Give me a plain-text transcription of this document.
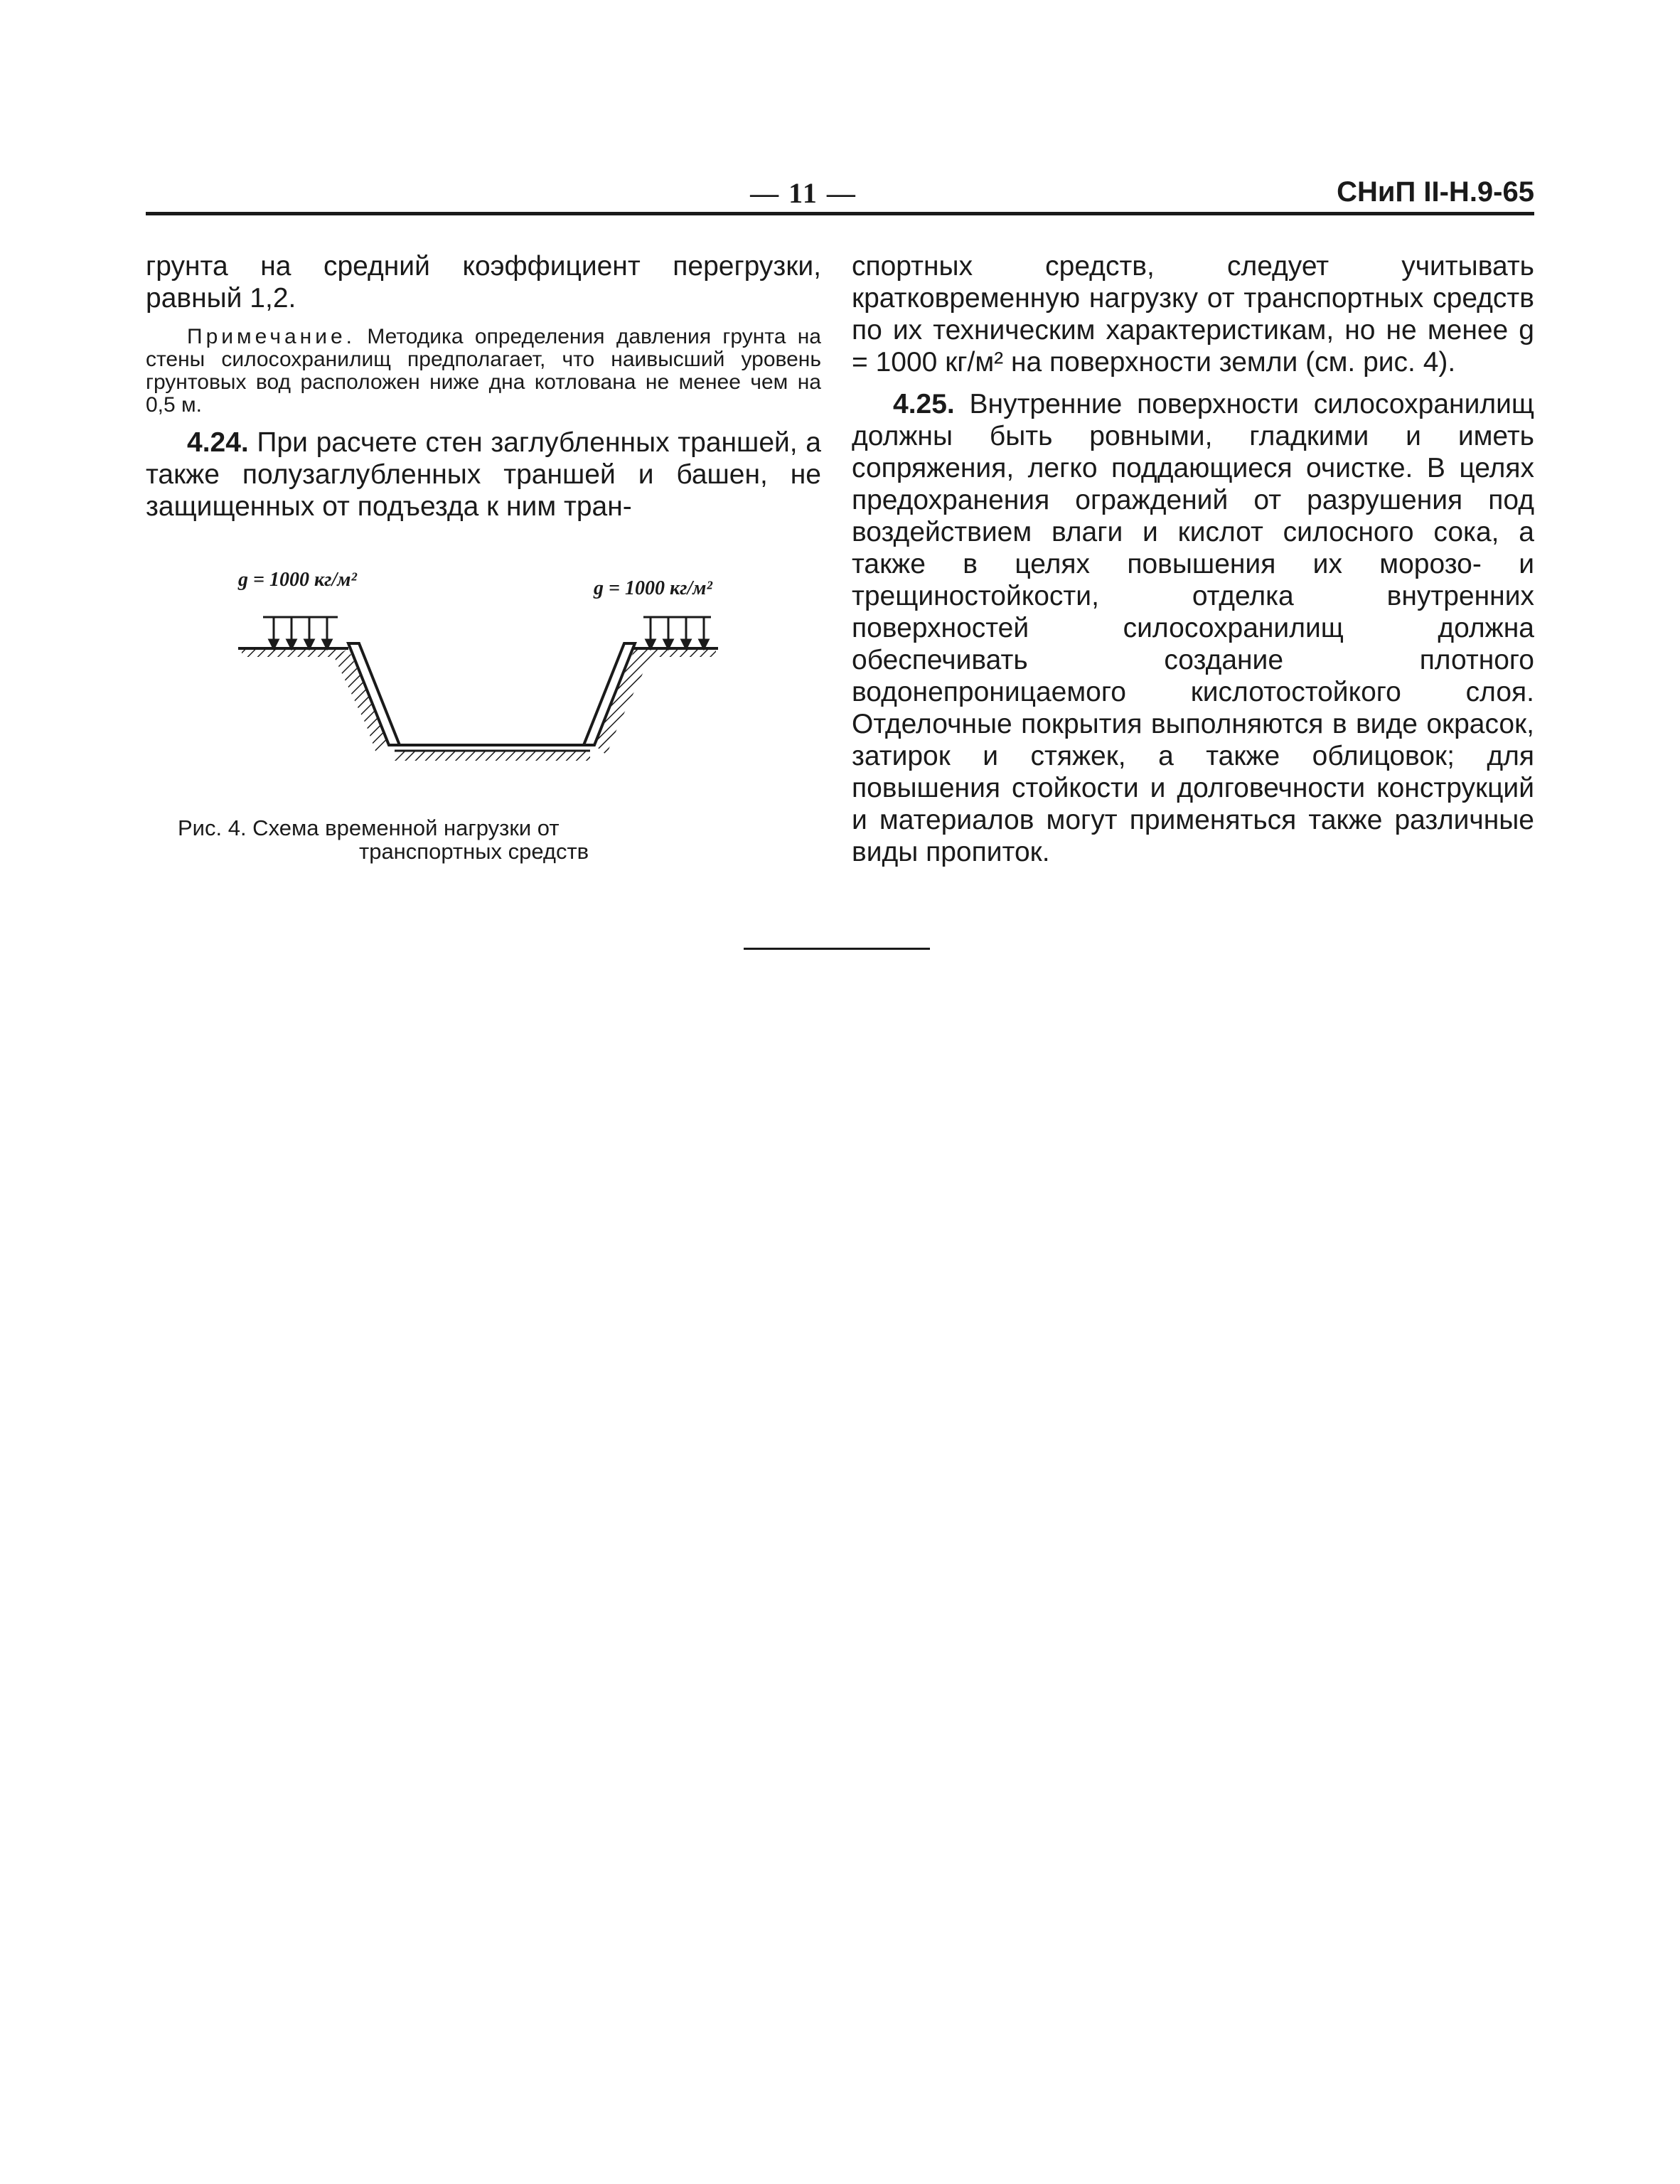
— 11 —	СНиП II-Н.9-65

грунта на средний коэффициент перегрузки, равный 1,2.

Примечание. Методика определения давления грунта на стены силосохранилищ предполагает, что наивысший уровень грунтовых вод расположен ниже дна котлована не менее чем на 0,5 м.

4.24. При расчете стен заглубленных траншей, а также полузаглубленных траншей и башен, не защищенных от подъезда к ним тран-

g = 1000 кг/м²	g = 1000 кг/м²
Рис. 4. Схема временной нагрузки от
транспортных средств

спортных средств, следует учитывать кратковременную нагрузку от транспортных средств по их техническим характеристикам, но не менее g = 1000 кг/м² на поверхности земли (см. рис. 4).

4.25. Внутренние поверхности силосохранилищ должны быть ровными, гладкими и иметь сопряжения, легко поддающиеся очистке. В целях предохранения ограждений от разрушения под воздействием влаги и кислот силосного сока, а также в целях повышения их морозо- и трещиностойкости, отделка внутренних поверхностей силосохранилищ должна обеспечивать создание плотного водонепроницаемого кислотостойкого слоя. Отделочные покрытия выполняются в виде окрасок, затирок и стяжек, а также облицовок; для повышения стойкости и долговечности конструкций и материалов могут применяться также различные виды пропиток.
